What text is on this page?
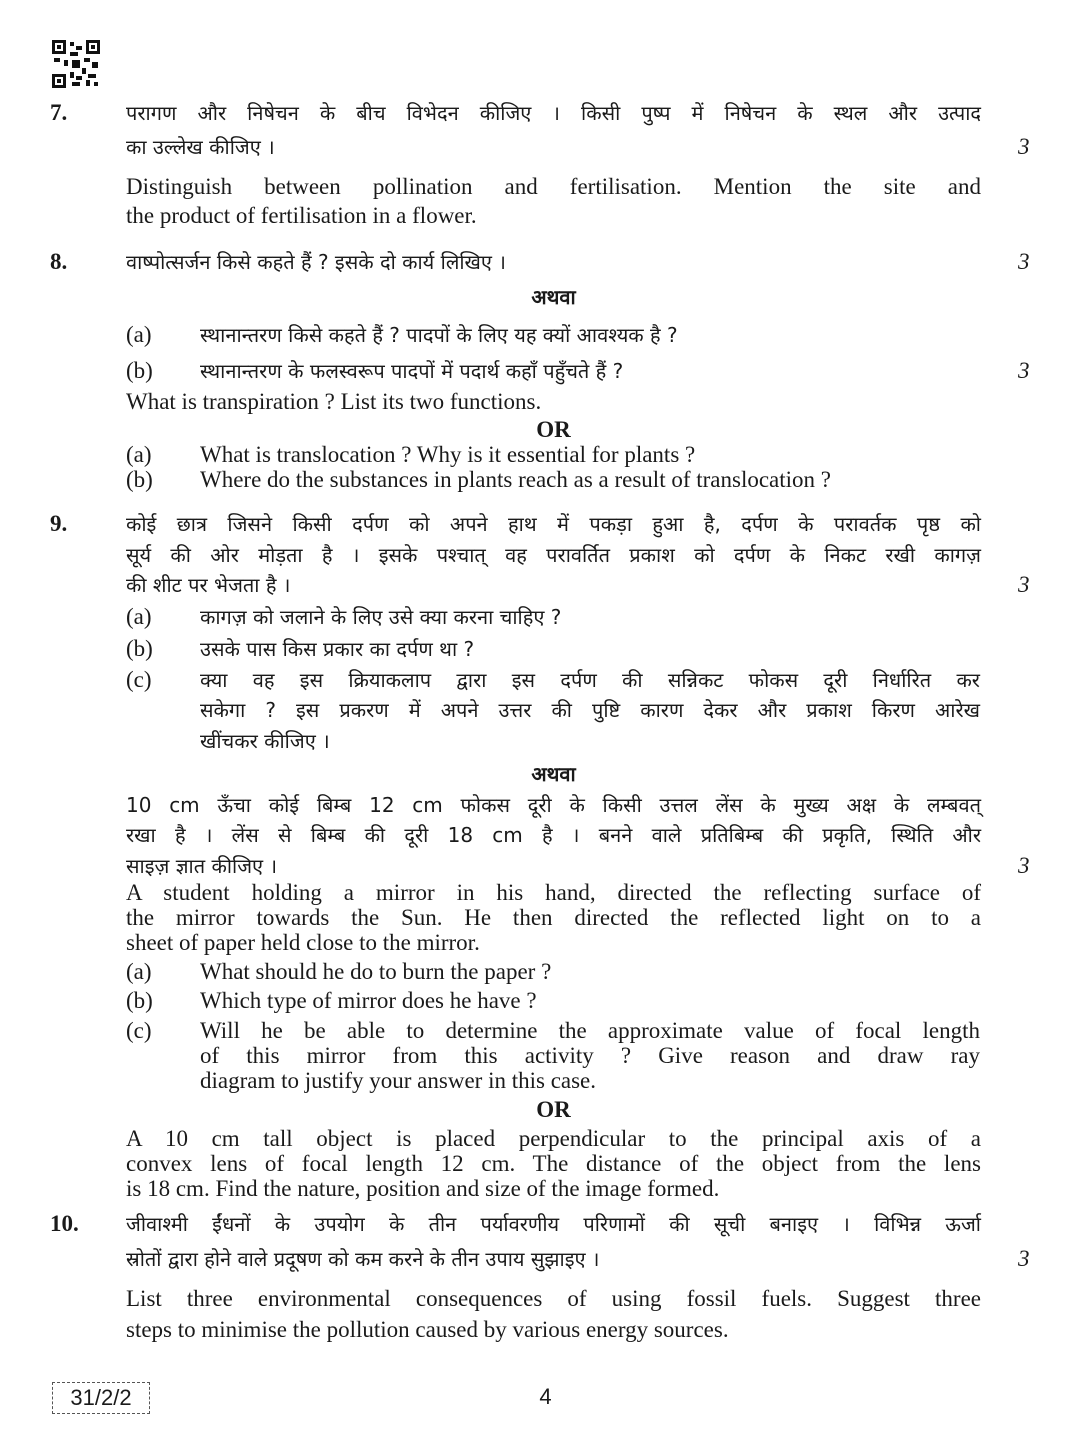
7.	परागण और निषेचन के बीच विभेदन कीजिए । किसी पुष्प में निषेचन के स्थल और उत्पाद
का उल्लेख कीजिए ।	3
Distinguish between pollination and fertilisation. Mention the site and
the product of fertilisation in a flower.
8.	वाष्पोत्सर्जन किसे कहते हैं ? इसके दो कार्य लिखिए ।	3
अथवा
(a) स्थानान्तरण किसे कहते हैं ? पादपों के लिए यह क्यों आवश्यक है ?
(b) स्थानान्तरण के फलस्वरूप पादपों में पदार्थ कहाँ पहुँचते हैं ?	3
What is transpiration ? List its two functions.
OR
(a) What is translocation ? Why is it essential for plants ?
(b) Where do the substances in plants reach as a result of translocation ?
9.	कोई छात्र जिसने किसी दर्पण को अपने हाथ में पकड़ा हुआ है, दर्पण के परावर्तक पृष्ठ को
सूर्य की ओर मोड़ता है । इसके पश्चात् वह परावर्तित प्रकाश को दर्पण के निकट रखी कागज़
की शीट पर भेजता है ।	3
(a) कागज़ को जलाने के लिए उसे क्या करना चाहिए ?
(b) उसके पास किस प्रकार का दर्पण था ?
(c) क्या वह इस क्रियाकलाप द्वारा इस दर्पण की सन्निकट फोकस दूरी निर्धारित कर
सकेगा ? इस प्रकरण में अपने उत्तर की पुष्टि कारण देकर और प्रकाश किरण आरेख
खींचकर कीजिए ।
अथवा
10 cm ऊँचा कोई बिम्ब 12 cm फोकस दूरी के किसी उत्तल लेंस के मुख्य अक्ष के लम्बवत्
रखा है । लेंस से बिम्ब की दूरी 18 cm है । बनने वाले प्रतिबिम्ब की प्रकृति, स्थिति और
साइज़ ज्ञात कीजिए ।	3
A student holding a mirror in his hand, directed the reflecting surface of
the mirror towards the Sun. He then directed the reflected light on to a
sheet of paper held close to the mirror.
(a) What should he do to burn the paper ?
(b) Which type of mirror does he have ?
(c) Will he be able to determine the approximate value of focal length
of this mirror from this activity ? Give reason and draw ray
diagram to justify your answer in this case.
OR
A 10 cm tall object is placed perpendicular to the principal axis of a
convex lens of focal length 12 cm. The distance of the object from the lens
is 18 cm. Find the nature, position and size of the image formed.
10. जीवाश्मी ईंधनों के उपयोग के तीन पर्यावरणीय परिणामों की सूची बनाइए । विभिन्न ऊर्जा
स्रोतों द्वारा होने वाले प्रदूषण को कम करने के तीन उपाय सुझाइए ।	3
List three environmental consequences of using fossil fuels. Suggest three
steps to minimise the pollution caused by various energy sources.
31/2/2	4
